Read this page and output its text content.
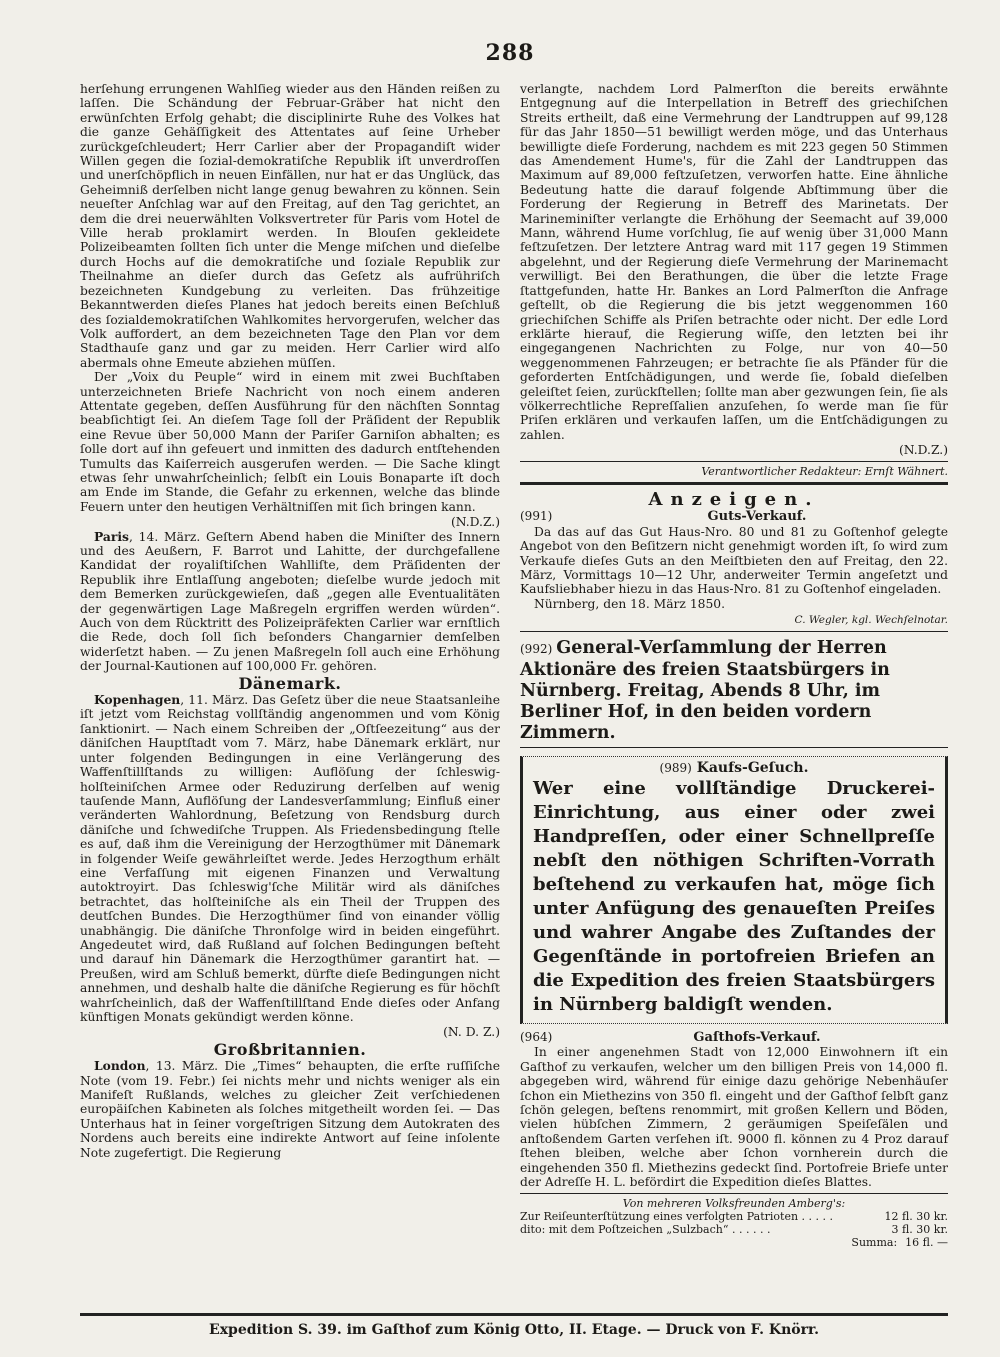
288

herſehung errungenen Wahlſieg wieder aus den Händen reißen zu laſſen. Die Schändung der Februar-Gräber hat nicht den erwünſchten Erfolg gehabt; die disciplinirte Ruhe des Volkes hat die ganze Gehäſſigkeit des Attentates auf ſeine Urheber zurückgeſchleudert; Herr Carlier aber der Propagandiſt wider Willen gegen die ſozial-demokratiſche Republik iſt unverdroſſen und unerſchöpflich in neuen Einfällen, nur hat er das Unglück, das Geheimniß derſelben nicht lange genug bewahren zu können. Sein neueſter Anſchlag war auf den Freitag, auf den Tag gerichtet, an dem die drei neuerwählten Volksvertreter für Paris vom Hotel de Ville herab proklamirt werden. In Blouſen gekleidete Polizeibeamten ſollten ſich unter die Menge miſchen und dieſelbe durch Hochs auf die demokratiſche und ſoziale Republik zur Theilnahme an dieſer durch das Geſetz als aufrühriſch bezeichneten Kundgebung zu verleiten. Das frühzeitige Bekanntwerden dieſes Planes hat jedoch bereits einen Beſchluß des ſozialdemokratiſchen Wahlkomites hervorgerufen, welcher das Volk auffordert, an dem bezeichneten Tage den Plan vor dem Stadthauſe ganz und gar zu meiden. Herr Carlier wird alſo abermals ohne Emeute abziehen müſſen.

Der „Voix du Peuple“ wird in einem mit zwei Buchſtaben unterzeichneten Briefe Nachricht von noch einem anderen Attentate gegeben, deſſen Ausführung für den nächſten Sonntag beabſichtigt ſei. An dieſem Tage ſoll der Präſident der Republik eine Revue über 50,000 Mann der Pariſer Garniſon abhalten; es ſolle dort auf ihn gefeuert und inmitten des dadurch entſtehenden Tumults das Kaiſerreich ausgerufen werden. — Die Sache klingt etwas ſehr unwahrſcheinlich; ſelbſt ein Louis Bonaparte iſt doch am Ende im Stande, die Gefahr zu erkennen, welche das blinde Feuern unter den heutigen Verhältniſſen mit ſich bringen kann.

(N.D.Z.)

Paris, 14. März. Geſtern Abend haben die Miniſter des Innern und des Aeußern, F. Barrot und Lahitte, der durchgefallene Kandidat der royaliſtiſchen Wahlliſte, dem Präſidenten der Republik ihre Entlaſſung angeboten; dieſelbe wurde jedoch mit dem Bemerken zurückgewieſen, daß „gegen alle Eventualitäten der gegenwärtigen Lage Maßregeln ergriffen werden würden“. Auch von dem Rücktritt des Polizeipräfekten Carlier war ernſtlich die Rede, doch ſoll ſich beſonders Changarnier demſelben widerſetzt haben. — Zu jenen Maßregeln ſoll auch eine Erhöhung der Journal-Kautionen auf 100,000 Fr. gehören.

Dänemark.

Kopenhagen, 11. März. Das Geſetz über die neue Staatsanleihe iſt jetzt vom Reichstag vollſtändig angenommen und vom König ſanktionirt. — Nach einem Schreiben der „Oſtſeezeitung“ aus der däniſchen Hauptſtadt vom 7. März, habe Dänemark erklärt, nur unter folgenden Bedingungen in eine Verlängerung des Waffenſtillſtands zu willigen: Auflöſung der ſchleswig-holſteiniſchen Armee oder Reduzirung derſelben auf wenig tauſende Mann, Auflöſung der Landesverſammlung; Einfluß einer veränderten Wahlordnung, Beſetzung von Rendsburg durch däniſche und ſchwediſche Truppen. Als Friedensbedingung ſtelle es auf, daß ihm die Vereinigung der Herzogthümer mit Dänemark in folgender Weiſe gewährleiſtet werde. Jedes Herzogthum erhält eine Verfaſſung mit eigenen Finanzen und Verwaltung autoktroyirt. Das ſchleswig'ſche Militär wird als däniſches betrachtet, das holſteiniſche als ein Theil der Truppen des deutſchen Bundes. Die Herzogthümer ſind von einander völlig unabhängig. Die däniſche Thronfolge wird in beiden eingeführt. Angedeutet wird, daß Rußland auf ſolchen Bedingungen beſteht und darauf hin Dänemark die Herzogthümer garantirt hat. — Preußen, wird am Schluß bemerkt, dürfte dieſe Bedingungen nicht annehmen, und deshalb halte die däniſche Regierung es für höchſt wahrſcheinlich, daß der Waffenſtillſtand Ende dieſes oder Anfang künftigen Monats gekündigt werden könne.

(N. D. Z.)
Großbritannien.

London, 13. März. Die „Times“ behaupten, die erſte ruſſiſche Note (vom 19. Febr.) ſei nichts mehr und nichts weniger als ein Manifeſt Rußlands, welches zu gleicher Zeit verſchiedenen europäiſchen Kabineten als ſolches mitgetheilt worden ſei. — Das Unterhaus hat in ſeiner vorgeſtrigen Sitzung dem Autokraten des Nordens auch bereits eine indirekte Antwort auf ſeine inſolente Note zugefertigt. Die Regierung

verlangte, nachdem Lord Palmerſton die bereits erwähnte Entgegnung auf die Interpellation in Betreff des griechiſchen Streits ertheilt, daß eine Vermehrung der Landtruppen auf 99,128 für das Jahr 1850—51 bewilligt werden möge, und das Unterhaus bewilligte dieſe Forderung, nachdem es mit 223 gegen 50 Stimmen das Amendement Hume's, für die Zahl der Landtruppen das Maximum auf 89,000 feſtzuſetzen, verworfen hatte. Eine ähnliche Bedeutung hatte die darauf folgende Abſtimmung über die Forderung der Regierung in Betreff des Marinetats. Der Marineminiſter verlangte die Erhöhung der Seemacht auf 39,000 Mann, während Hume vorſchlug, ſie auf wenig über 31,000 Mann feſtzuſetzen. Der letztere Antrag ward mit 117 gegen 19 Stimmen abgelehnt, und der Regierung dieſe Vermehrung der Marinemacht verwilligt. Bei den Berathungen, die über die letzte Frage ſtattgefunden, hatte Hr. Bankes an Lord Palmerſton die Anfrage geſtellt, ob die Regierung die bis jetzt weggenommen 160 griechiſchen Schiffe als Priſen betrachte oder nicht. Der edle Lord erklärte hierauf, die Regierung wiſſe, den letzten bei ihr eingegangenen Nachrichten zu Folge, nur von 40—50 weggenommenen Fahrzeugen; er betrachte ſie als Pfänder für die geforderten Entſchädigungen, und werde ſie, ſobald dieſelben geleiſtet ſeien, zurückſtellen; ſollte man aber gezwungen ſein, ſie als völkerrechtliche Repreſſalien anzuſehen, ſo werde man ſie für Priſen erklären und verkaufen laſſen, um die Entſchädigungen zu zahlen.

(N.D.Z.)
Verantwortlicher Redakteur: Ernſt Wähnert.
Anzeigen.
(991)	Guts-Verkauf.

Da das auf das Gut Haus-Nro. 80 und 81 zu Goſtenhof gelegte Angebot von den Beſitzern nicht genehmigt worden iſt, ſo wird zum Verkaufe dieſes Guts an den Meiſtbieten den auf Freitag, den 22. März, Vormittags 10—12 Uhr, anderweiter Termin angeſetzt und Kaufsliebhaber hiezu in das Haus-Nro. 81 zu Goſtenhof eingeladen.

Nürnberg, den 18. März 1850.

C. Wegler, kgl. Wechſelnotar.
(992) General-Verſammlung der Herren Aktionäre des freien Staatsbürgers in Nürnberg. Freitag, Abends 8 Uhr, im Berliner Hof, in den beiden vordern Zimmern.
(989) Kaufs-Geſuch.
Wer eine vollſtändige Druckerei-Einrichtung, aus einer oder zwei Handpreſſen, oder einer Schnellpreſſe nebſt den nöthigen Schriften-Vorrath beſtehend zu verkaufen hat, möge ſich unter Anfügung des genaueſten Preiſes und wahrer Angabe des Zuſtandes der Gegenſtände in portofreien Briefen an die Expedition des freien Staatsbürgers in Nürnberg baldigſt wenden.
(964)	Gaſthofs-Verkauf.

In einer angenehmen Stadt von 12,000 Einwohnern iſt ein Gaſthof zu verkaufen, welcher um den billigen Preis von 14,000 fl. abgegeben wird, während für einige dazu gehörige Nebenhäuſer ſchon ein Miethezins von 350 fl. eingeht und der Gaſthof ſelbſt ganz ſchön gelegen, beſtens renommirt, mit großen Kellern und Böden, vielen hübſchen Zimmern, 2 geräumigen Speiſeſälen und anſtoßendem Garten verſehen iſt. 9000 fl. können zu 4 Proz darauf ſtehen bleiben, welche aber ſchon vornherein durch die eingehenden 350 fl. Miethezins gedeckt ſind. Portofreie Briefe unter der Adreſſe H. L. befördirt die Expedition dieſes Blattes.

Von mehreren Volksfreunden Amberg's:
Zur Reiſeunterſtützung eines verfolgten Patrioten . . . . .	12 fl. 30 kr.
dito: mit dem Poſtzeichen „Sulzbach“ . . . . . .	3 fl. 30 kr.
Summa: 16 fl. —
Expedition S. 39. im Gaſthof zum König Otto, II. Etage. — Druck von F. Knörr.
